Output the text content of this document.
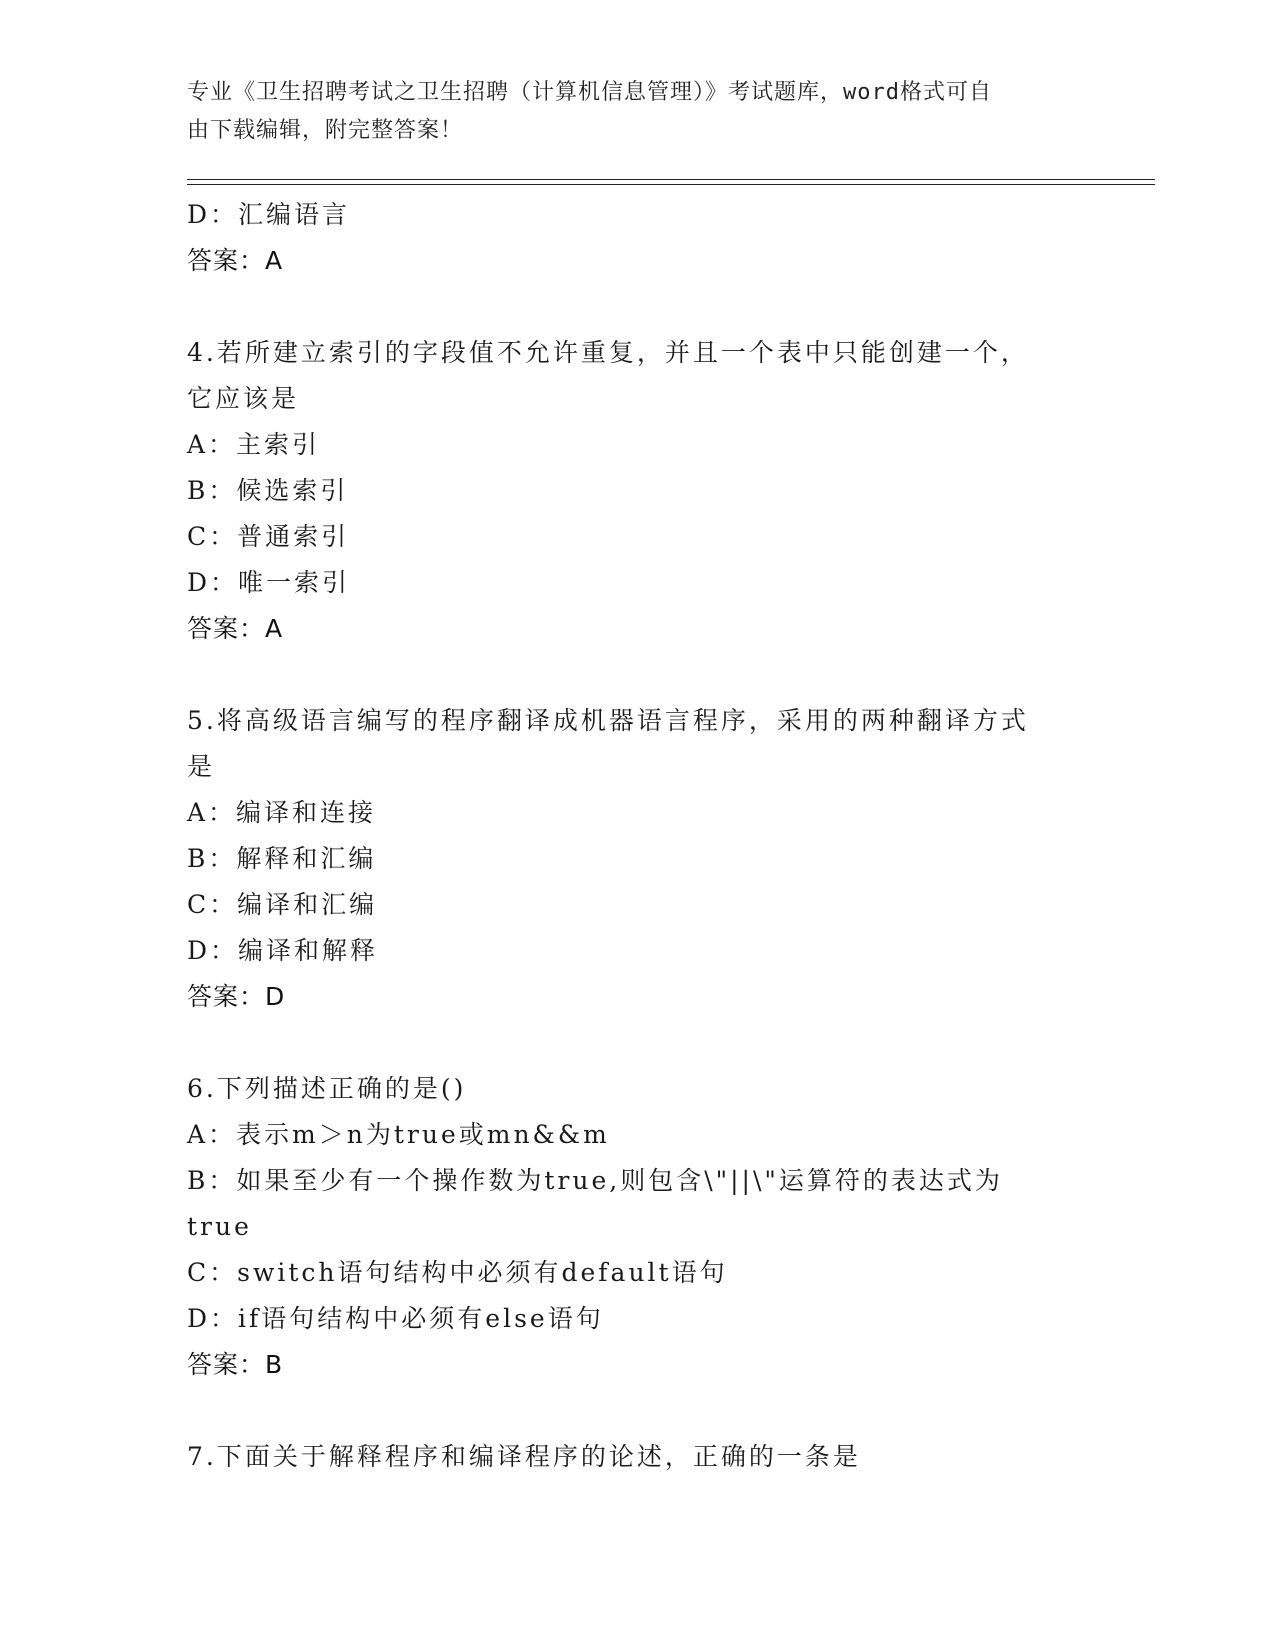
专业《卫生招聘考试之卫生招聘（计算机信息管理）》考试题库，word格式可自
由下载编辑，附完整答案！
D：汇编语言
答案：A
4.若所建立索引的字段值不允许重复，并且一个表中只能创建一个，
它应该是
A：主索引
B：候选索引
C：普通索引
D：唯一索引
答案：A
5.将高级语言编写的程序翻译成机器语言程序，采用的两种翻译方式
是
A：编译和连接
B：解释和汇编
C：编译和汇编
D：编译和解释
答案：D
6.下列描述正确的是()
A：表示m＞n为true或mn&&m
B：如果至少有一个操作数为true,则包含\"||\"运算符的表达式为
true
C：switch语句结构中必须有default语句
D：if语句结构中必须有else语句
答案：B
7.下面关于解释程序和编译程序的论述，正确的一条是
